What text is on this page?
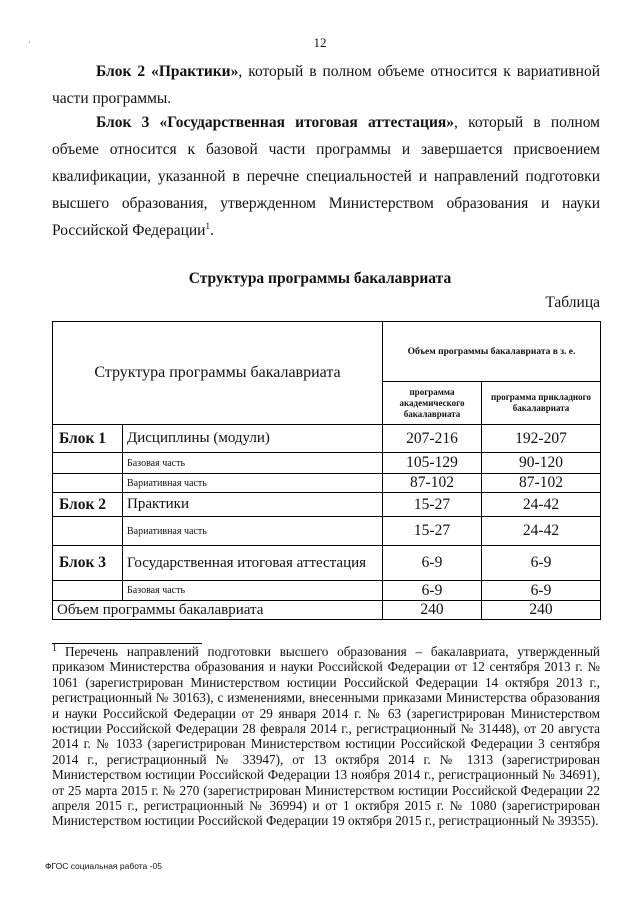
·	12
Блок 2 «Практики», который в полном объеме относится к вариативной части программы.
Блок 3 «Государственная итоговая аттестация», который в полном объеме относится к базовой части программы и завершается присвоением квалификации, указанной в перечне специальностей и направлений подготовки высшего образования, утвержденном Министерством образования и науки Российской Федерации$^1$.
Структура программы бакалавриата
Таблица
Структура программы бакалавриата		Объем программы бакалавриата в з. е.	
		программа академического бакалавриата	программа прикладного бакалавриата
Блок 1	Дисциплины (модули)	207-216	192-207
	Базовая часть	105-129	90-120
	Вариативная часть	87-102	87-102
Блок 2	Практики	15-27	24-42
	Вариативная часть	15-27	24-42
Блок 3	Государственная итоговая аттестация	6-9	6-9
	Базовая часть	6-9	6-9
Объем программы бакалавриата		240	240
$^1$ Перечень направлений подготовки высшего образования – бакалавриата, утвержденный приказом Министерства образования и науки Российской Федерации от 12 сентября 2013 г. № 1061 (зарегистрирован Министерством юстиции Российской Федерации 14 октября 2013 г., регистрационный № 30163), с изменениями, внесенными приказами Министерства образования и науки Российской Федерации от 29 января 2014 г. № 63 (зарегистрирован Министерством юстиции Российской Федерации 28 февраля 2014 г., регистрационный № 31448), от 20 августа 2014 г. № 1033 (зарегистрирован Министерством юстиции Российской Федерации 3 сентября 2014 г., регистрационный № 33947), от 13 октября 2014 г. № 1313 (зарегистрирован Министерством юстиции Российской Федерации 13 ноября 2014 г., регистрационный № 34691), от 25 марта 2015 г. № 270 (зарегистрирован Министерством юстиции Российской Федерации 22 апреля 2015 г., регистрационный № 36994) и от 1 октября 2015 г. № 1080 (зарегистрирован Министерством юстиции Российской Федерации 19 октября 2015 г., регистрационный № 39355).
ФГОС социальная работа -05
